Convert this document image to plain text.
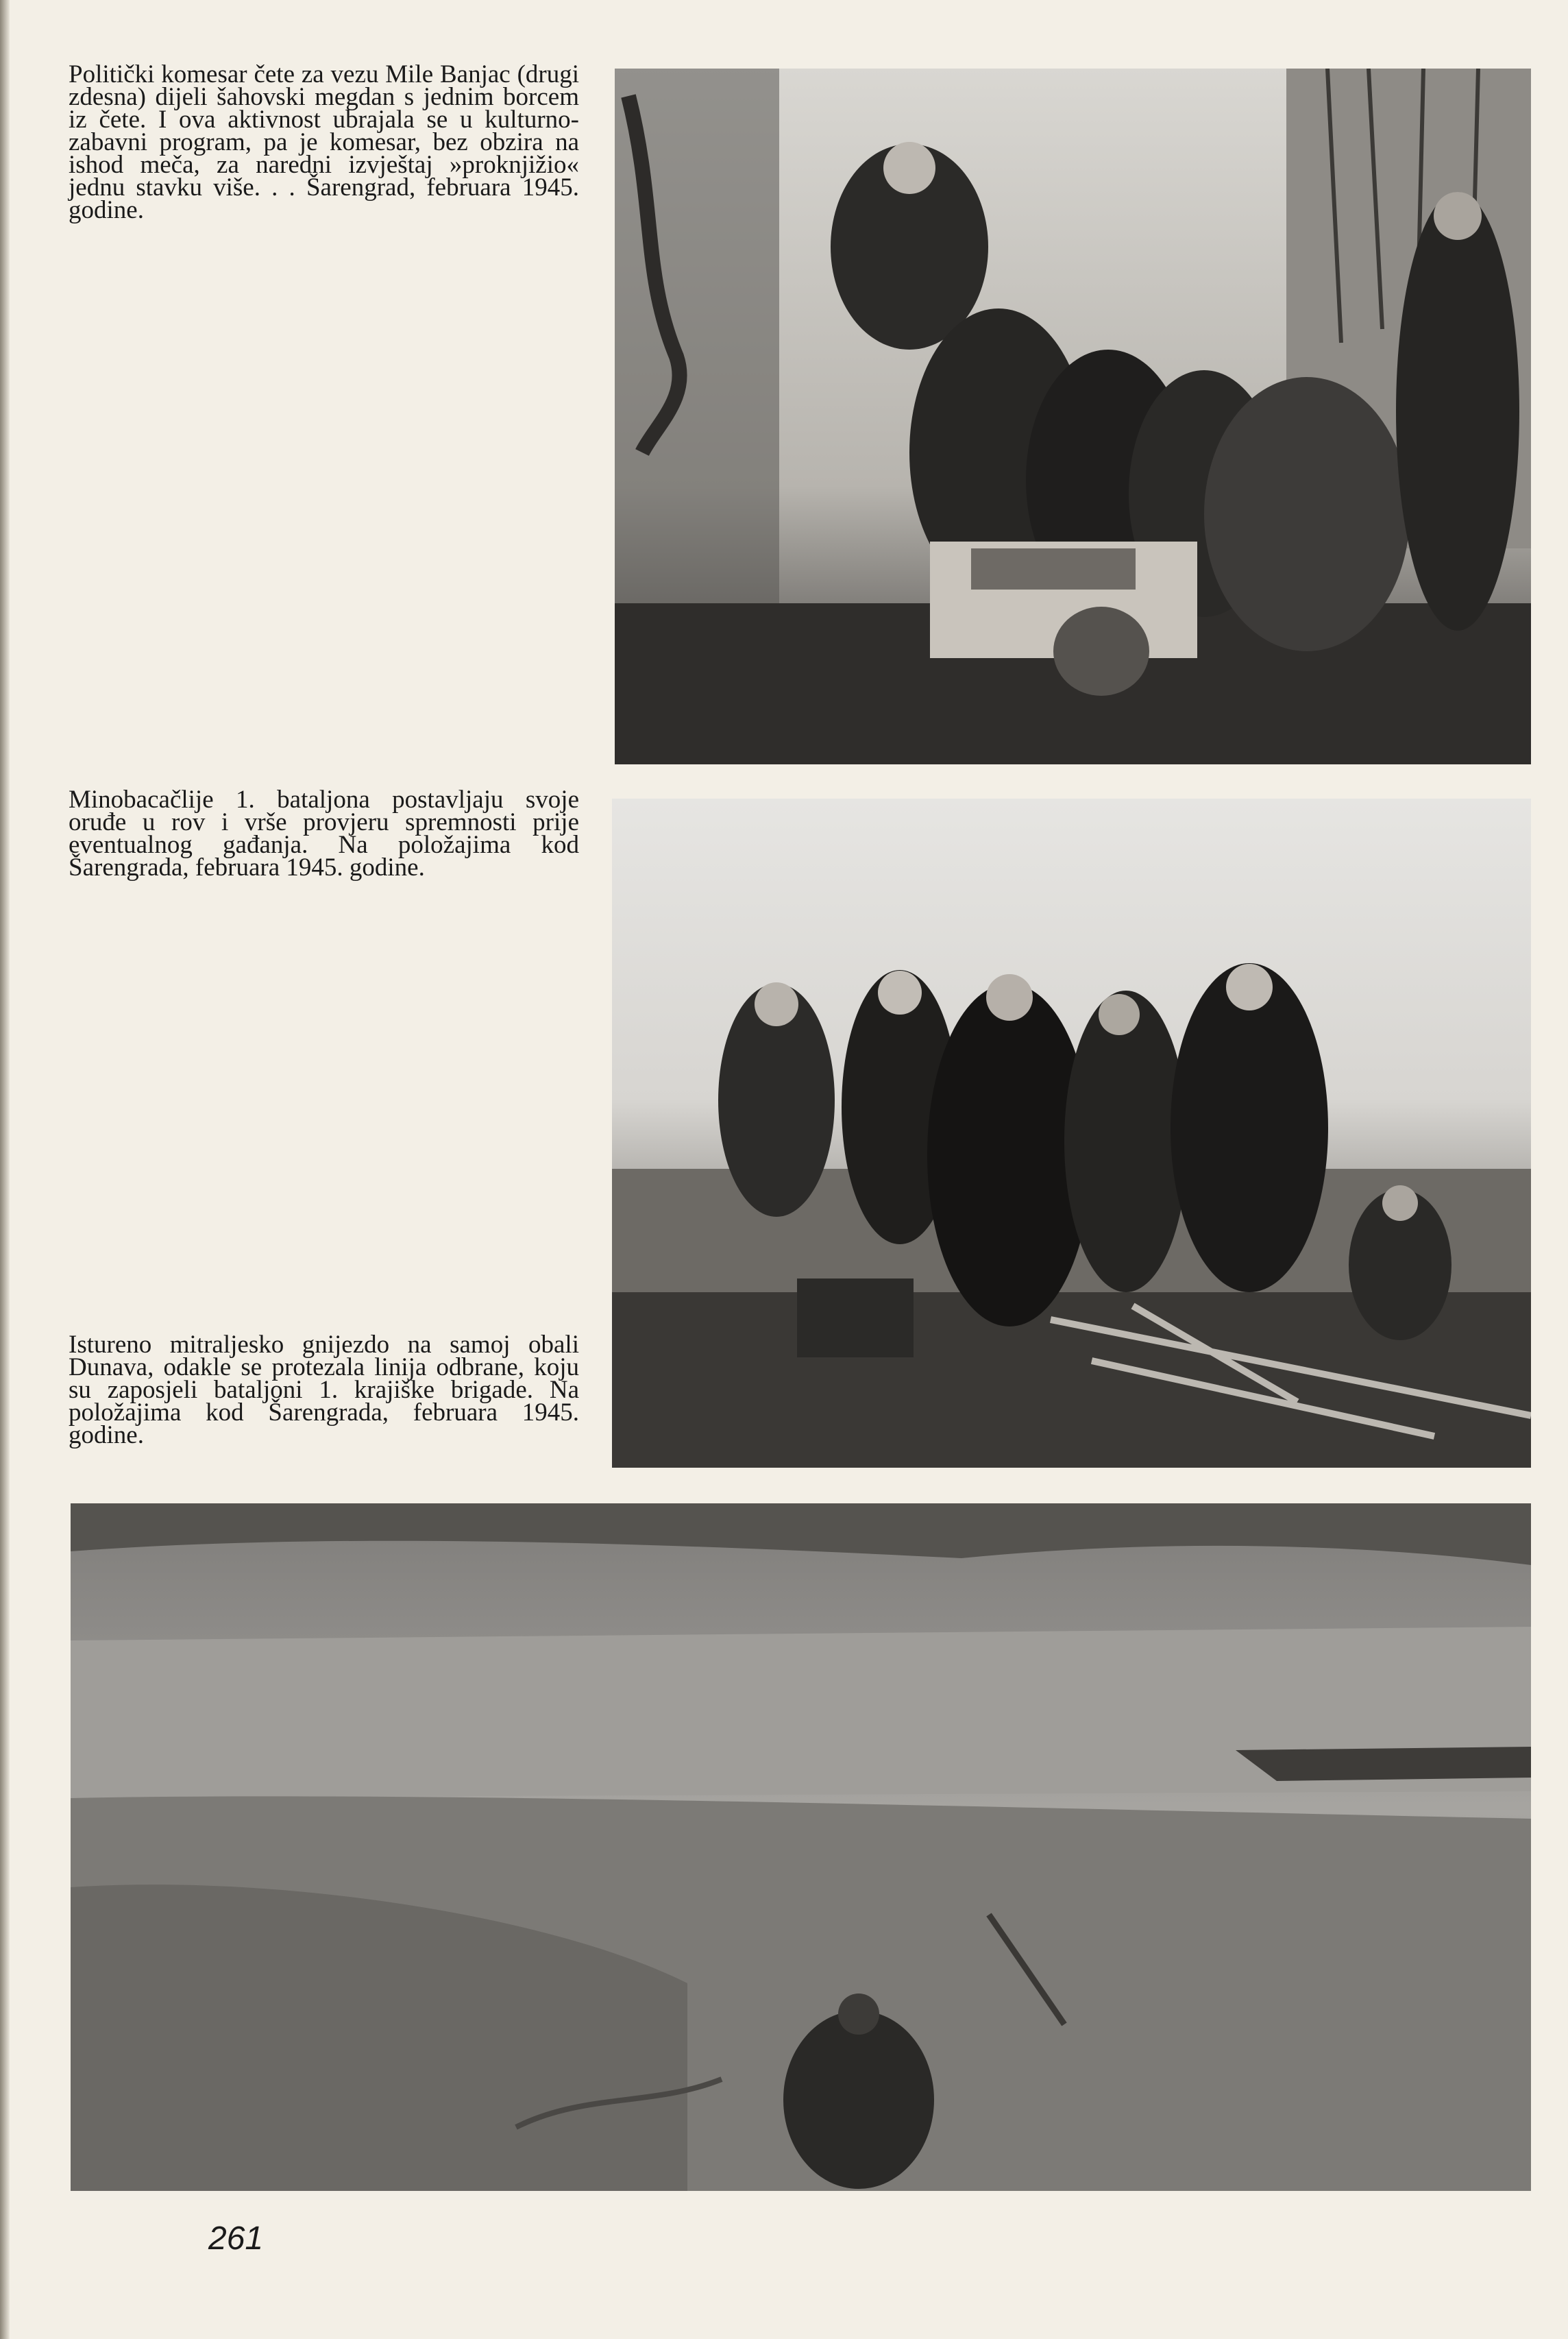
Politički komesar čete za vezu Mile Banjac (drugi zdesna) dijeli šahovski megdan s jednim borcem iz čete. I ova aktivnost ubrajala se u kulturno-zabavni program, pa je komesar, bez obzira na ishod meča, za naredni izvještaj »proknjižio« jednu stavku više. . . Šarengrad, februara 1945. godine.

Minobacačlije 1. bataljona postavljaju svoje oruđe u rov i vrše provjeru spremnosti prije eventualnog gađanja. Na položajima kod Šarengrada, februara 1945. godine.

Istureno mitraljesko gnijezdo na samoj obali Dunava, odakle se protezala linija odbrane, koju su zaposjeli bataljoni 1. krajiške brigade. Na položajima kod Šarengrada, februara 1945. godine.

261
